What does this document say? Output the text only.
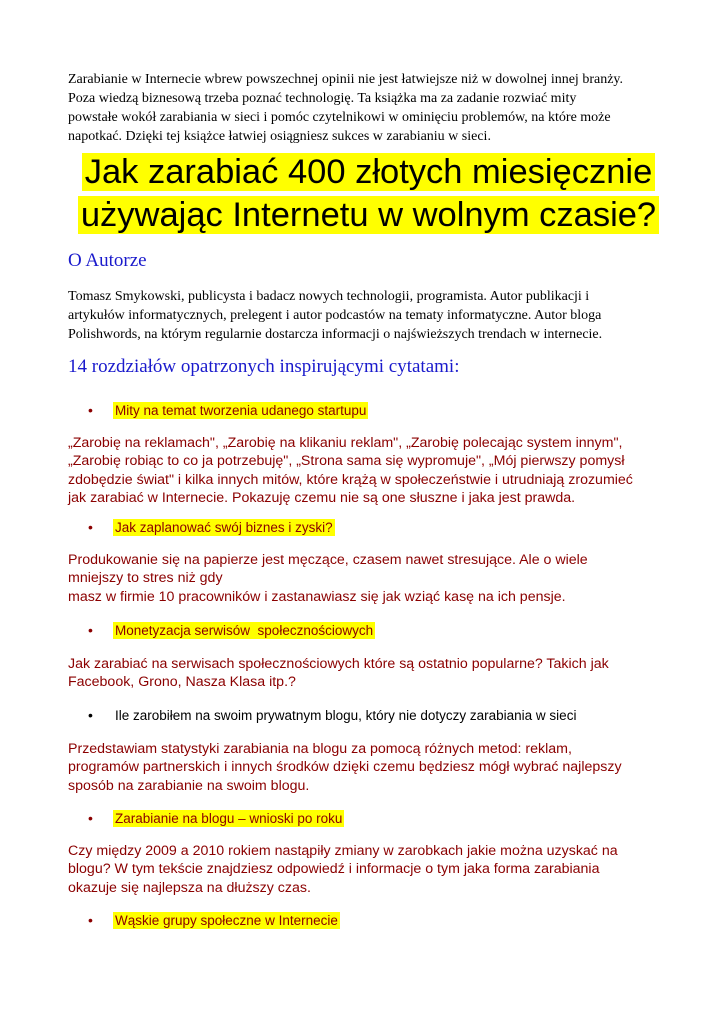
Zarabianie w Internecie wbrew powszechnej opinii nie jest łatwiejsze niż w dowolnej innej branży.
Poza wiedzą biznesową trzeba poznać technologię. Ta książka ma za zadanie rozwiać mity
powstałe wokół zarabiania w sieci i pomóc czytelnikowi w ominięciu problemów, na które może
napotkać. Dzięki tej książce łatwiej osiągniesz sukces w zarabianiu w sieci.

Jak zarabiać 400 złotych miesięcznie
używając Internetu w wolnym czasie?
O Autorze

Tomasz Smykowski, publicysta i badacz nowych technologii, programista. Autor publikacji i
artykułów informatycznych, prelegent i autor podcastów na tematy informatyczne. Autor bloga
Polishwords, na którym regularnie dostarcza informacji o najświeższych trendach w internecie.

14 rozdziałów opatrzonych inspirującymi cytatami:
• Mity na temat tworzenia udanego startupu

„Zarobię na reklamach", „Zarobię na klikaniu reklam", „Zarobię polecając system innym",
„Zarobię robiąc to co ja potrzebuję", „Strona sama się wypromuje", „Mój pierwszy pomysł
zdobędzie świat" i kilka innych mitów, które krążą w społeczeństwie i utrudniają zrozumieć
jak zarabiać w Internecie. Pokazuję czemu nie są one słuszne i jaka jest prawda.

• Jak zaplanować swój biznes i zyski?

Produkowanie się na papierze jest męczące, czasem nawet stresujące. Ale o wiele
mniejszy to stres niż gdy
masz w firmie 10 pracowników i zastanawiasz się jak wziąć kasę na ich pensje.

• Monetyzacja serwisów  społecznościowych

Jak zarabiać na serwisach społecznościowych które są ostatnio popularne? Takich jak
Facebook, Grono, Nasza Klasa itp.?

• Ile zarobiłem na swoim prywatnym blogu, który nie dotyczy zarabiania w sieci

Przedstawiam statystyki zarabiania na blogu za pomocą różnych metod: reklam,
programów partnerskich i innych środków dzięki czemu będziesz mógł wybrać najlepszy
sposób na zarabianie na swoim blogu.

• Zarabianie na blogu – wnioski po roku

Czy między 2009 a 2010 rokiem nastąpiły zmiany w zarobkach jakie można uzyskać na
blogu? W tym tekście znajdziesz odpowiedź i informacje o tym jaka forma zarabiania
okazuje się najlepsza na dłuższy czas.

• Wąskie grupy społeczne w Internecie
